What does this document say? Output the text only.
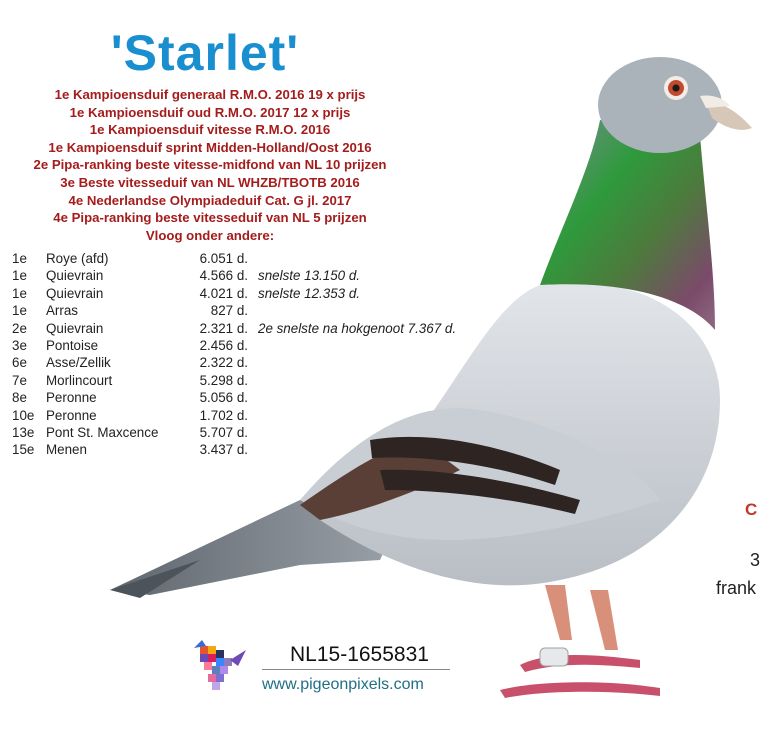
'Starlet'
1e Kampioensduif generaal R.M.O. 2016 19 x prijs
1e Kampioensduif oud R.M.O. 2017 12 x prijs
1e Kampioensduif vitesse R.M.O. 2016
1e Kampioensduif sprint Midden-Holland/Oost 2016
2e Pipa-ranking beste vitesse-midfond van NL 10 prijzen
3e Beste vitesseduif van NL WHZB/TBOTB 2016
4e Nederlandse Olympiadeduif Cat. G jl. 2017
4e Pipa-ranking beste vitesseduif van NL 5 prijzen
Vloog onder andere:
1e Roye (afd)	6.051 d.
1e Quievrain	4.566 d. snelste 13.150 d.
1e Quievrain	4.021 d. snelste 12.353 d.
1e Arras	827 d.
2e Quievrain	2.321 d. 2e snelste na hokgenoot 7.367 d.
3e Pontoise	2.456 d.
6e Asse/Zellik	2.322 d.
7e Morlincourt	5.298 d.
8e Peronne	5.056 d.
10e Peronne	1.702 d.
13e Pont St. Maxcence	5.707 d.
15e Menen	3.437 d.
NL15-1655831
www.pigeonpixels.com
C
3
frank
